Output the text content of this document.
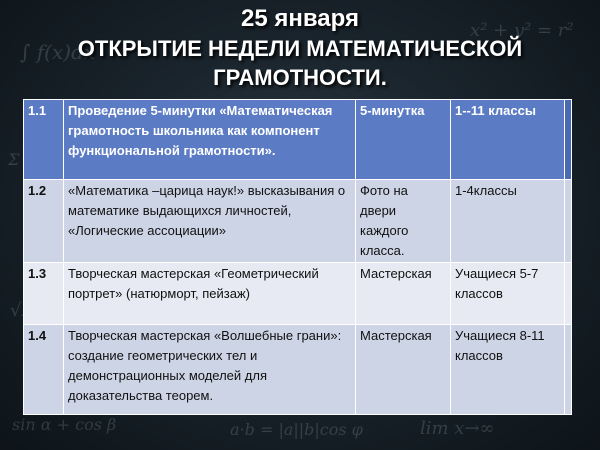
∫ f(x)dx
x² + y² = r²
Σ
√2
sin α + cos β	lim x→∞
a·b = |a||b|cos φ
25 января
ОТКРЫТИЕ НЕДЕЛИ МАТЕМАТИЧЕСКОЙ
ГРАМОТНОСТИ.
1.1	Проведение 5-минутки «Математическая грамотность школьника как компонент функциональной грамотности».	5-минутка	1--11 классы	
1.2	«Математика –царица наук!» высказывания о математике выдающихся личностей, «Логические ассоциации»	Фото на двери каждого класса.	1-4классы	
1.3	Творческая мастерская «Геометрический портрет» (натюрморт, пейзаж)	Мастерская	Учащиеся 5-7 классов	
1.4	Творческая мастерская «Волшебные грани»: создание геометрических тел и демонстрационных моделей для доказательства теорем.	Мастерская	Учащиеся 8-11 классов	
